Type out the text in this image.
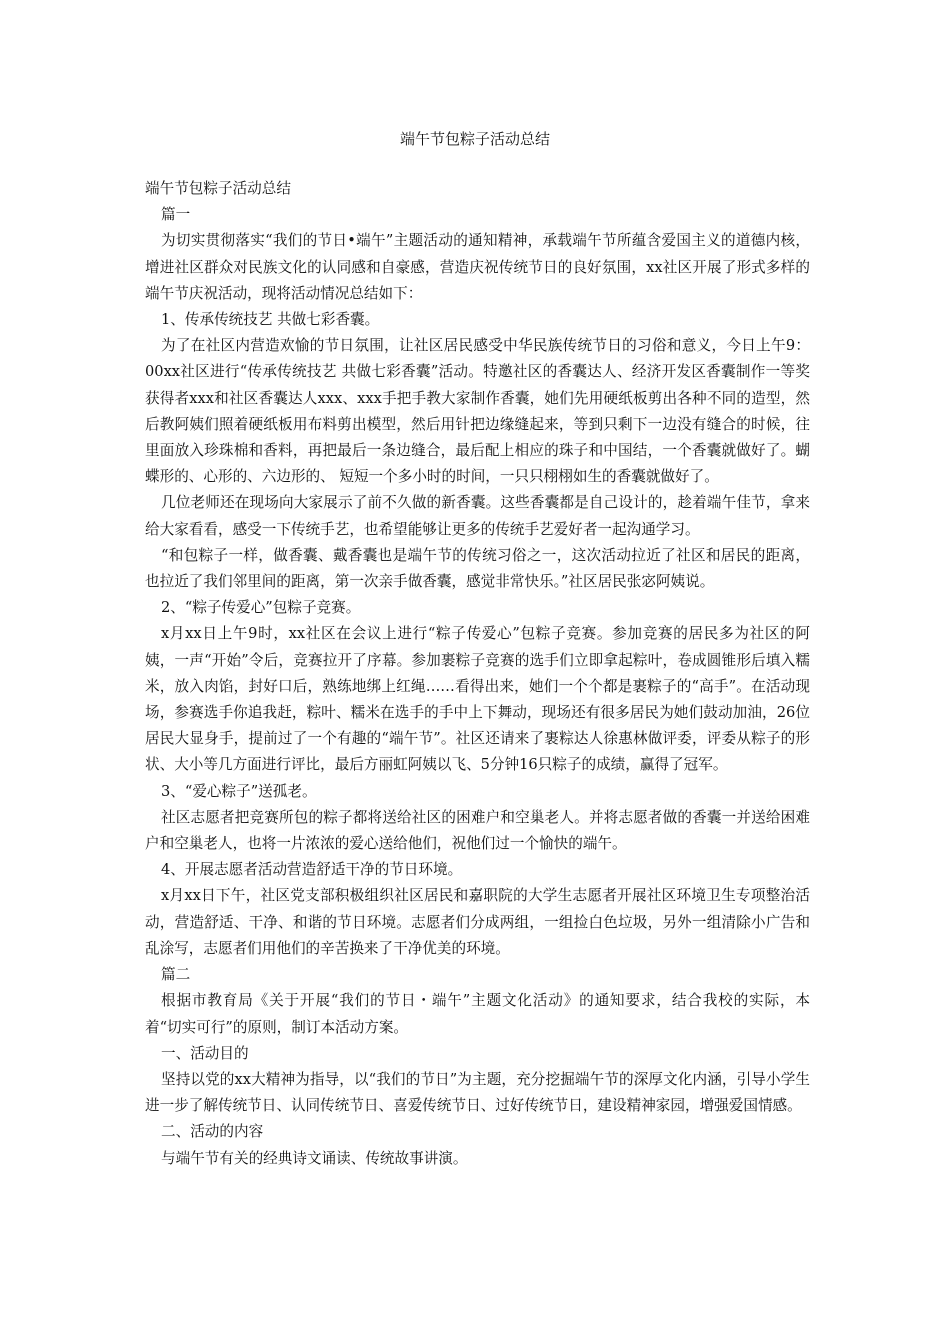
端午节包粽子活动总结

端午节包粽子活动总结

篇一

为切实贯彻落实“我们的节日•端午”主题活动的通知精神，承载端午节所蕴含爱国主义的道德内核，增进社区群众对民族文化的认同感和自豪感，营造庆祝传统节日的良好氛围，xx社区开展了形式多样的端午节庆祝活动，现将活动情况总结如下：

1、传承传统技艺 共做七彩香囊。

为了在社区内营造欢愉的节日氛围，让社区居民感受中华民族传统节日的习俗和意义，今日上午9：00xx社区进行“传承传统技艺 共做七彩香囊”活动。特邀社区的香囊达人、经济开发区香囊制作一等奖获得者xxx和社区香囊达人xxx、xxx手把手教大家制作香囊，她们先用硬纸板剪出各种不同的造型，然后教阿姨们照着硬纸板用布料剪出模型，然后用针把边缘缝起来，等到只剩下一边没有缝合的时候，往里面放入珍珠棉和香料，再把最后一条边缝合，最后配上相应的珠子和中国结，一个香囊就做好了。蝴蝶形的、心形的、六边形的、 短短一个多小时的时间，一只只栩栩如生的香囊就做好了。

几位老师还在现场向大家展示了前不久做的新香囊。这些香囊都是自己设计的，趁着端午佳节，拿来给大家看看，感受一下传统手艺，也希望能够让更多的传统手艺爱好者一起沟通学习。

“和包粽子一样，做香囊、戴香囊也是端午节的传统习俗之一，这次活动拉近了社区和居民的距离，也拉近了我们邻里间的距离，第一次亲手做香囊，感觉非常快乐。”社区居民张宓阿姨说。

2、“粽子传爱心”包粽子竞赛。

x月xx日上午9时，xx社区在会议上进行“粽子传爱心”包粽子竞赛。参加竞赛的居民多为社区的阿姨，一声“开始”令后，竞赛拉开了序幕。参加裹粽子竞赛的选手们立即拿起粽叶，卷成圆锥形后填入糯米，放入肉馅，封好口后，熟练地绑上红绳……看得出来，她们一个个都是裹粽子的“高手”。在活动现场，参赛选手你追我赶，粽叶、糯米在选手的手中上下舞动，现场还有很多居民为她们鼓动加油，26位居民大显身手，提前过了一个有趣的“端午节”。社区还请来了裹粽达人徐惠林做评委，评委从粽子的形状、大小等几方面进行评比，最后方丽虹阿姨以飞、5分钟16只粽子的成绩，赢得了冠军。

3、“爱心粽子”送孤老。

社区志愿者把竞赛所包的粽子都将送给社区的困难户和空巢老人。并将志愿者做的香囊一并送给困难户和空巢老人，也将一片浓浓的爱心送给他们，祝他们过一个愉快的端午。

4、开展志愿者活动营造舒适干净的节日环境。

x月xx日下午，社区党支部积极组织社区居民和嘉职院的大学生志愿者开展社区环境卫生专项整治活动，营造舒适、干净、和谐的节日环境。志愿者们分成两组，一组捡白色垃圾，另外一组清除小广告和乱涂写，志愿者们用他们的辛苦换来了干净优美的环境。

篇二

根据市教育局《关于开展“我们的节日・端午”主题文化活动》的通知要求，结合我校的实际，本着“切实可行”的原则，制订本活动方案。

一、活动目的

坚持以党的xx大精神为指导，以“我们的节日”为主题，充分挖掘端午节的深厚文化内涵，引导小学生进一步了解传统节日、认同传统节日、喜爱传统节日、过好传统节日，建设精神家园，增强爱国情感。

二、活动的内容

与端午节有关的经典诗文诵读、传统故事讲演。
